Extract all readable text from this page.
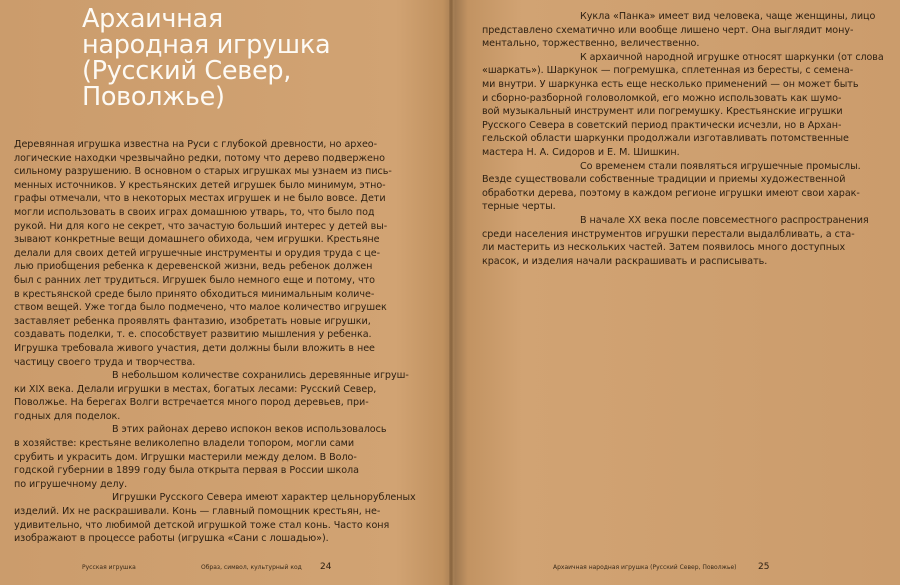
Архаичная
народная игрушка
(Русский Север,
Поволжье)
Деревянная игрушка известна на Руси с глубокой древности, но архео-
логические находки чрезвычайно редки, потому что дерево подвержено
сильному разрушению. В основном о старых игрушках мы узнаем из пись-
менных источников. У крестьянских детей игрушек было минимум, этно-
графы отмечали, что в некоторых местах игрушек и не было вовсе. Дети
могли использовать в своих играх домашнюю утварь, то, что было под
рукой. Ни для кого не секрет, что зачастую больший интерес у детей вы-
зывают конкретные вещи домашнего обихода, чем игрушки. Крестьяне
делали для своих детей игрушечные инструменты и орудия труда с це-
лью приобщения ребенка к деревенской жизни, ведь ребенок должен
был с ранних лет трудиться. Игрушек было немного еще и потому, что
в крестьянской среде было принято обходиться минимальным количе-
ством вещей. Уже тогда было подмечено, что малое количество игрушек
заставляет ребенка проявлять фантазию, изобретать новые игрушки,
создавать поделки, т. е. способствует развитию мышления у ребенка.
Игрушка требовала живого участия, дети должны были вложить в нее
частицу своего труда и творчества.
В небольшом количестве сохранились деревянные игруш-
ки XIX века. Делали игрушки в местах, богатых лесами: Русский Север,
Поволжье. На берегах Волги встречается много пород деревьев, при-
годных для поделок.
В этих районах дерево испокон веков использовалось
в хозяйстве: крестьяне великолепно владели топором, могли сами
срубить и украсить дом. Игрушки мастерили между делом. В Воло-
годской губернии в 1899 году была открыта первая в России школа
по игрушечному делу.
Игрушки Русского Севера имеют характер цельнорубленых
изделий. Их не раскрашивали. Конь — главный помощник крестьян, не-
удивительно, что любимой детской игрушкой тоже стал конь. Часто коня
изображают в процессе работы (игрушка «Сани с лошадью»).
Русская игрушка	Образ, символ, культурный код 24
Кукла «Панка» имеет вид человека, чаще женщины, лицо
представлено схематично или вообще лишено черт. Она выглядит мону-
ментально, торжественно, величественно.
К архаичной народной игрушке относят шаркунки (от слова
«шаркать»). Шаркунок — погремушка, сплетенная из бересты, с семена-
ми внутри. У шаркунка есть еще несколько применений — он может быть
и сборно-разборной головоломкой, его можно использовать как шумо-
вой музыкальный инструмент или погремушку. Крестьянские игрушки
Русского Севера в советский период практически исчезли, но в Архан-
гельской области шаркунки продолжали изготавливать потомственные
мастера Н. А. Сидоров и Е. М. Шишкин.
Со временем стали появляться игрушечные промыслы.
Везде существовали собственные традиции и приемы художественной
обработки дерева, поэтому в каждом регионе игрушки имеют свои харак-
терные черты.
В начале XX века после повсеместного распространения
среди населения инструментов игрушки перестали выдалбливать, а ста-
ли мастерить из нескольких частей. Затем появилось много доступных
красок, и изделия начали раскрашивать и расписывать.
Архаичная народная игрушка (Русский Север, Поволжье) 25
